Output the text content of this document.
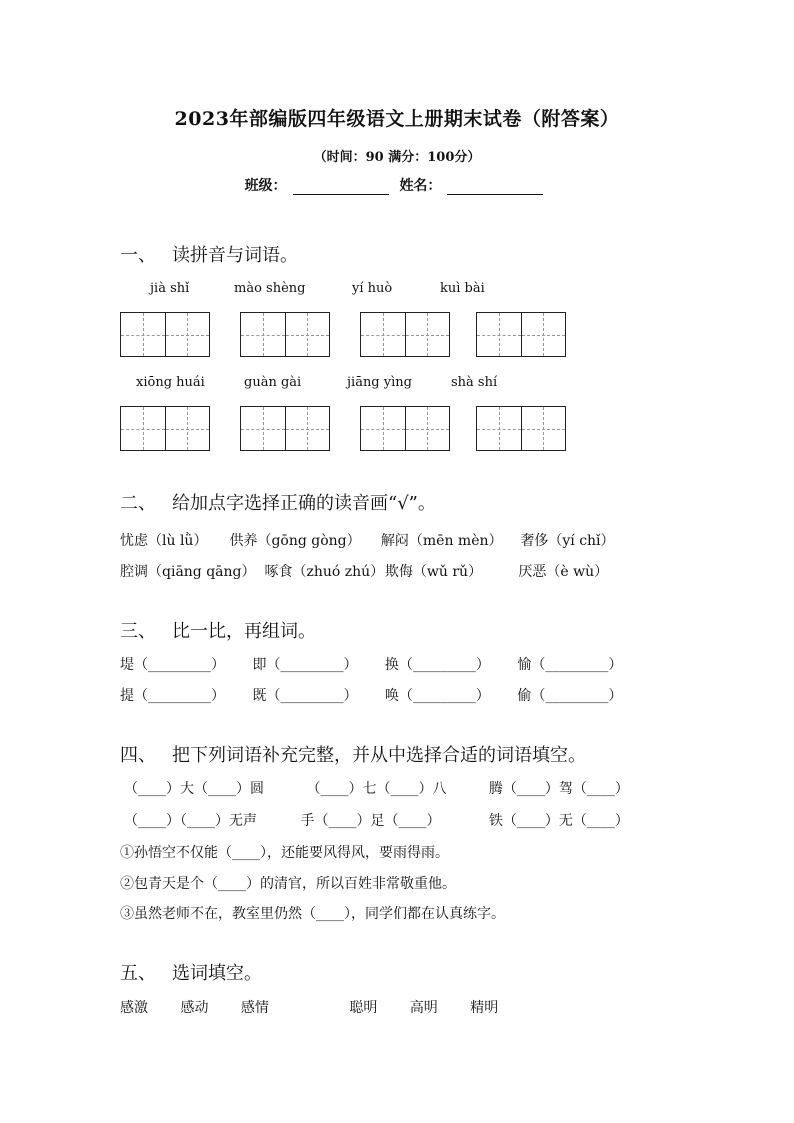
2023年部编版四年级语文上册期末试卷（附答案）
（时间：90 满分：100分）
班级：	姓名：
一、 读拼音与词语。
jià shǐ	mào shèng	yí huò	kuì bài
xiōng huái	guàn gài	jiāng yìng	shà shí
二、 给加点字选择正确的读音画“√”。
忧虑（lù lǜ） 供养（gōng gòng） 解闷（mēn mèn） 奢侈（yí chǐ）
腔调（qiāng qāng） 啄食（zhuó zhú） 欺侮（wǔ rǔ）	厌恶（è wù）
三、 比一比，再组词。
堤（_________） 即（_________） 换（_________） 愉（_________）
提（_________） 既（_________） 唤（_________） 偷（_________）
四、 把下列词语补充完整，并从中选择合适的词语填空。
（____）大（____）圆	（____）七（____）八	腾（____）驾（____）
（____）（____）无声	手（____）足（____）	铁（____）无（____）
①孙悟空不仅能（____），还能要风得风，要雨得雨。
②包青天是个（____）的清官，所以百姓非常敬重他。
③虽然老师不在，教室里仍然（____），同学们都在认真练字。
五、 选词填空。
感激 感动 感情	聪明 高明 精明
